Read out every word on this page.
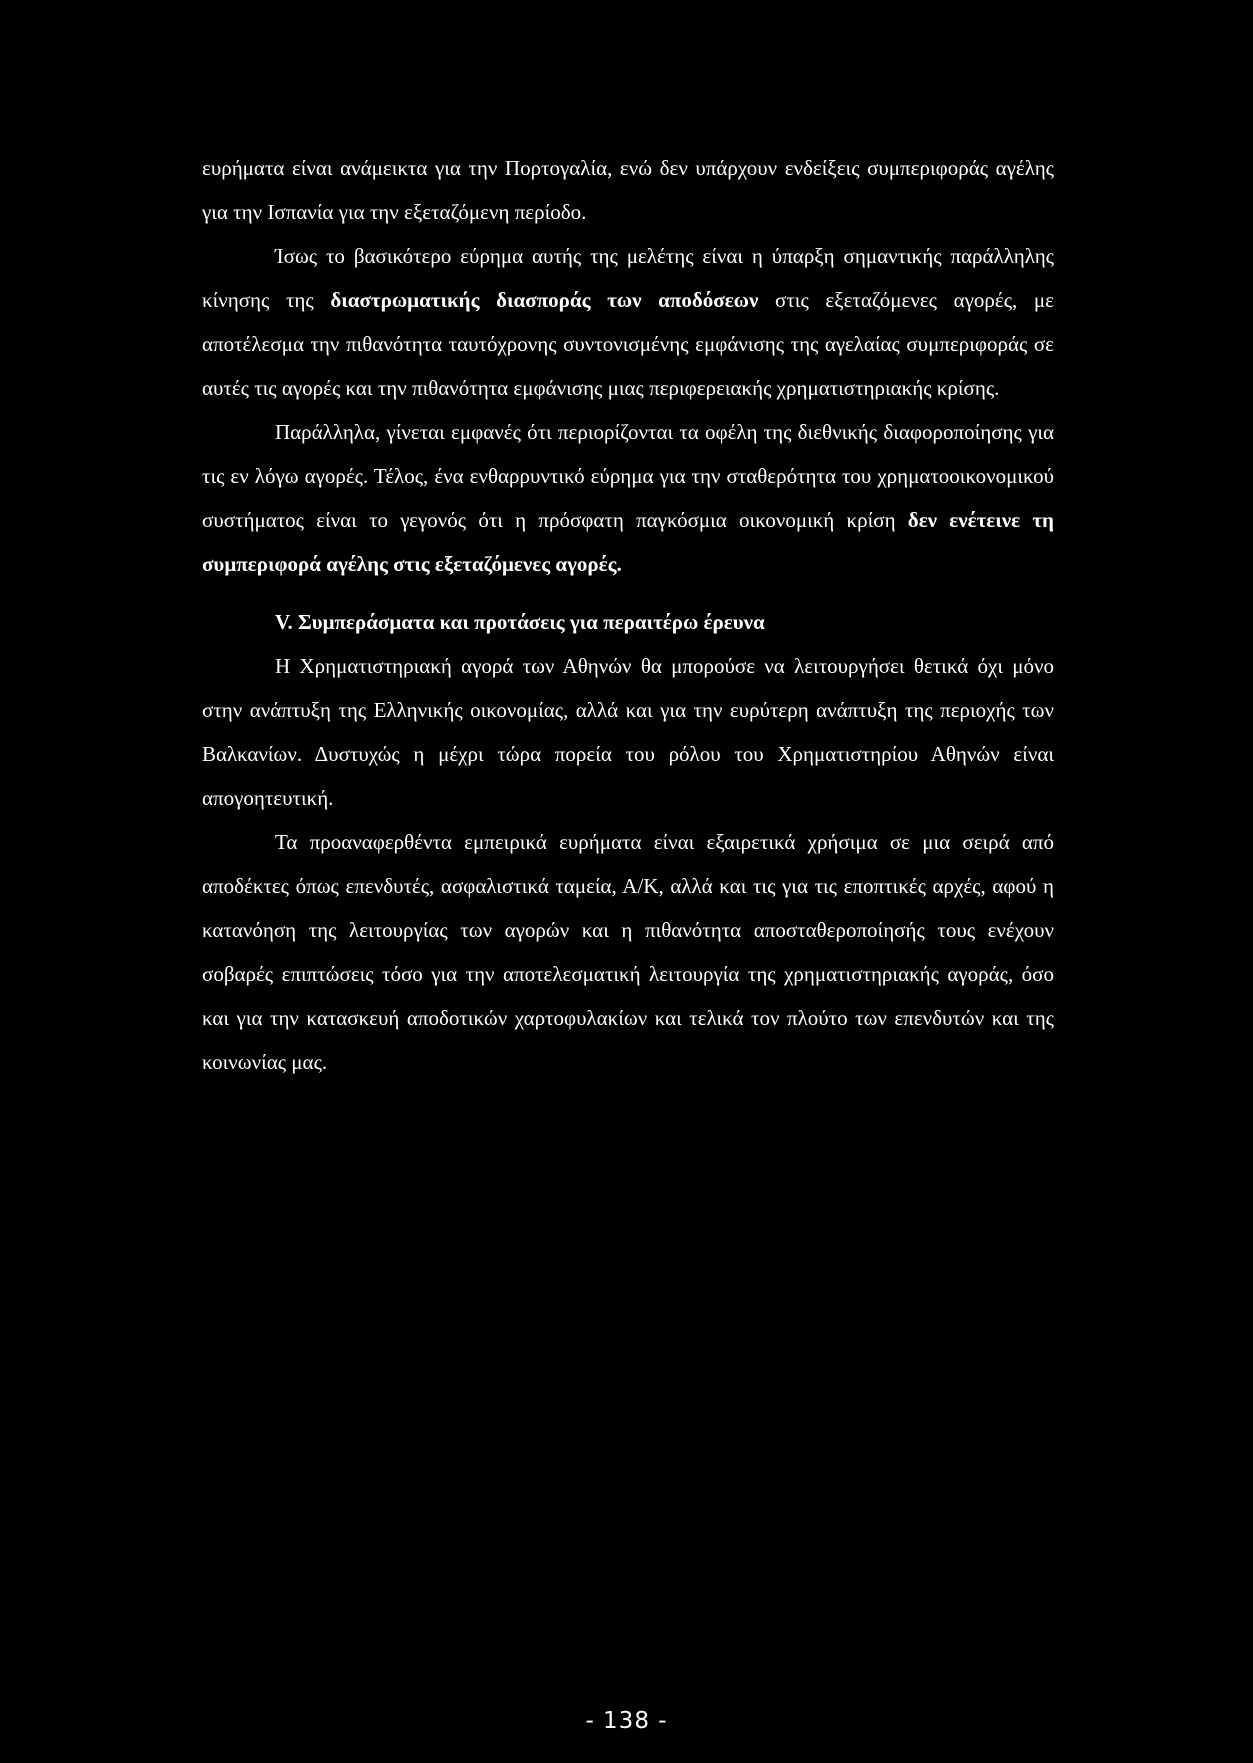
ευρήματα είναι ανάμεικτα για την Πορτογαλία, ενώ δεν υπάρχουν ενδείξεις συμπεριφοράς αγέλης για την Ισπανία για την εξεταζόμενη περίοδο.

Ίσως το βασικότερο εύρημα αυτής της μελέτης είναι η ύπαρξη σημαντικής παράλληλης κίνησης της διαστρωματικής διασποράς των αποδόσεων στις εξεταζόμενες αγορές, με αποτέλεσμα την πιθανότητα ταυτόχρονης συντονισμένης εμφάνισης της αγελαίας συμπεριφοράς σε αυτές τις αγορές και την πιθανότητα εμφάνισης μιας περιφερειακής χρηματιστηριακής κρίσης.

Παράλληλα, γίνεται εμφανές ότι περιορίζονται τα οφέλη της διεθνικής διαφοροποίησης για τις εν λόγω αγορές. Τέλος, ένα ενθαρρυντικό εύρημα για την σταθερότητα του χρηματοοικονομικού συστήματος είναι το γεγονός ότι η πρόσφατη παγκόσμια οικονομική κρίση δεν ενέτεινε τη συμπεριφορά αγέλης στις εξεταζόμενες αγορές.

V. Συμπεράσματα και προτάσεις για περαιτέρω έρευνα

Η Χρηματιστηριακή αγορά των Αθηνών θα μπορούσε να λειτουργήσει θετικά όχι μόνο στην ανάπτυξη της Ελληνικής οικονομίας, αλλά και για την ευρύτερη ανάπτυξη της περιοχής των Βαλκανίων. Δυστυχώς η μέχρι τώρα πορεία του ρόλου του Χρηματιστηρίου Αθηνών είναι απογοητευτική.

Τα προαναφερθέντα εμπειρικά ευρήματα είναι εξαιρετικά χρήσιμα σε μια σειρά από αποδέκτες όπως επενδυτές, ασφαλιστικά ταμεία, Α/Κ, αλλά και τις για τις εποπτικές αρχές, αφού η κατανόηση της λειτουργίας των αγορών και η πιθανότητα αποσταθεροποίησής τους ενέχουν σοβαρές επιπτώσεις τόσο για την αποτελεσματική λειτουργία της χρηματιστηριακής αγοράς, όσο και για την κατασκευή αποδοτικών χαρτοφυλακίων και τελικά τον πλούτο των επενδυτών και της κοινωνίας μας.

- 138 -
